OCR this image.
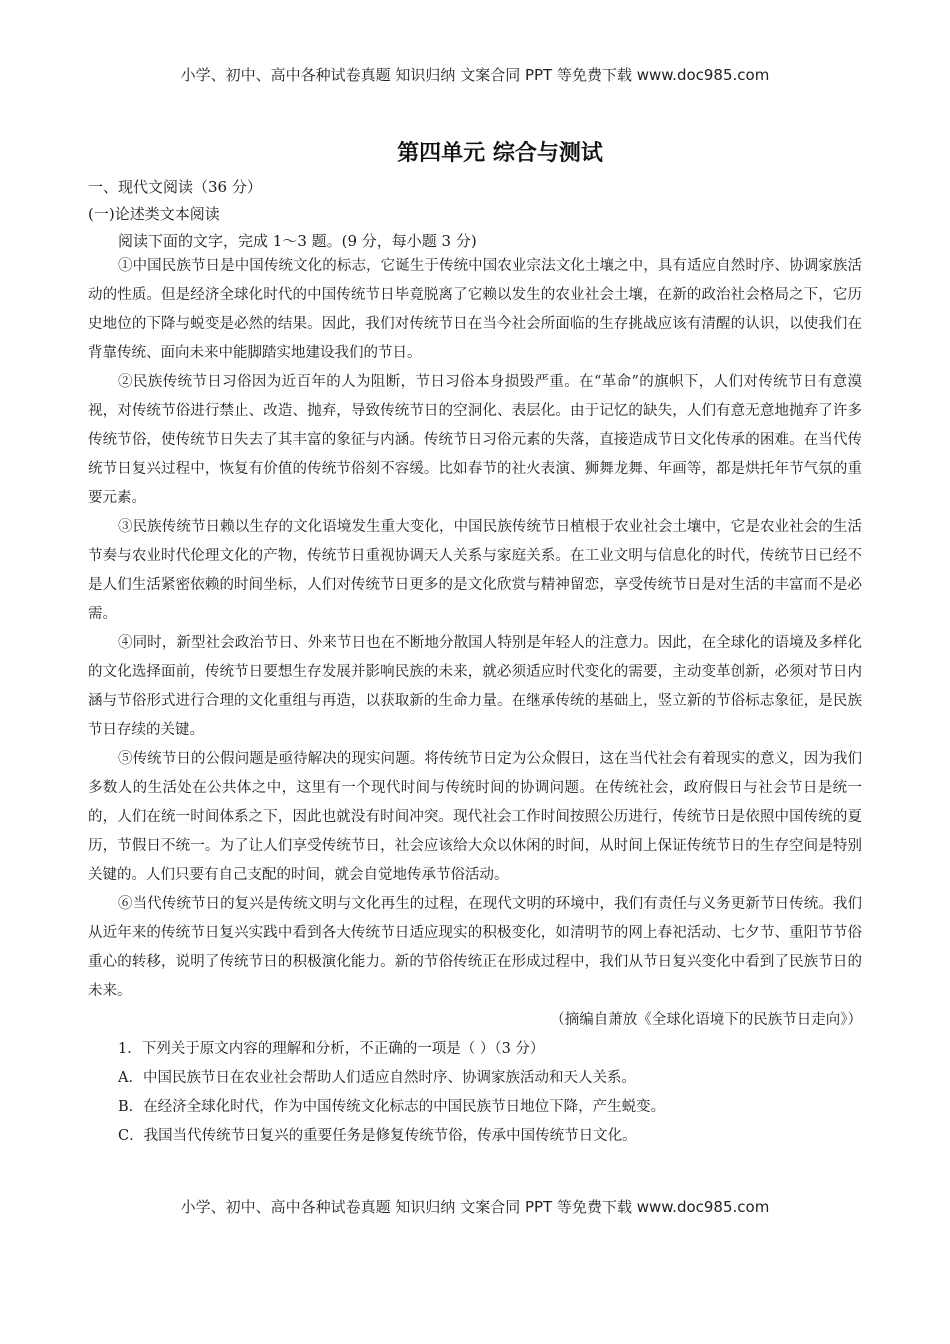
小学、初中、高中各种试卷真题 知识归纳 文案合同 PPT 等免费下载 www.doc985.com
第四单元 综合与测试

一、现代文阅读（36 分）

(一)论述类文本阅读

阅读下面的文字，完成 1～3 题。(9 分，每小题 3 分)

①中国民族节日是中国传统文化的标志，它诞生于传统中国农业宗法文化土壤之中，具有适应自然时序、协调家族活动的性质。但是经济全球化时代的中国传统节日毕竟脱离了它赖以发生的农业社会土壤，在新的政治社会格局之下，它历史地位的下降与蜕变是必然的结果。因此，我们对传统节日在当今社会所面临的生存挑战应该有清醒的认识，以使我们在背靠传统、面向未来中能脚踏实地建设我们的节日。

②民族传统节日习俗因为近百年的人为阻断，节日习俗本身损毁严重。在“革命”的旗帜下，人们对传统节日有意漠视，对传统节俗进行禁止、改造、抛弃，导致传统节日的空洞化、表层化。由于记忆的缺失，人们有意无意地抛弃了许多传统节俗，使传统节日失去了其丰富的象征与内涵。传统节日习俗元素的失落，直接造成节日文化传承的困难。在当代传统节日复兴过程中，恢复有价值的传统节俗刻不容缓。比如春节的社火表演、狮舞龙舞、年画等，都是烘托年节气氛的重要元素。

③民族传统节日赖以生存的文化语境发生重大变化，中国民族传统节日植根于农业社会土壤中，它是农业社会的生活节奏与农业时代伦理文化的产物，传统节日重视协调天人关系与家庭关系。在工业文明与信息化的时代，传统节日已经不是人们生活紧密依赖的时间坐标，人们对传统节日更多的是文化欣赏与精神留恋，享受传统节日是对生活的丰富而不是必需。

④同时，新型社会政治节日、外来节日也在不断地分散国人特别是年轻人的注意力。因此，在全球化的语境及多样化的文化选择面前，传统节日要想生存发展并影响民族的未来，就必须适应时代变化的需要，主动变革创新，必须对节日内涵与节俗形式进行合理的文化重组与再造，以获取新的生命力量。在继承传统的基础上，竖立新的节俗标志象征，是民族节日存续的关键。

⑤传统节日的公假问题是亟待解决的现实问题。将传统节日定为公众假日，这在当代社会有着现实的意义，因为我们多数人的生活处在公共体之中，这里有一个现代时间与传统时间的协调问题。在传统社会，政府假日与社会节日是统一的，人们在统一时间体系之下，因此也就没有时间冲突。现代社会工作时间按照公历进行，传统节日是依照中国传统的夏历，节假日不统一。为了让人们享受传统节日，社会应该给大众以休闲的时间，从时间上保证传统节日的生存空间是特别关键的。人们只要有自己支配的时间，就会自觉地传承节俗活动。

⑥当代传统节日的复兴是传统文明与文化再生的过程，在现代文明的环境中，我们有责任与义务更新节日传统。我们从近年来的传统节日复兴实践中看到各大传统节日适应现实的积极变化，如清明节的网上春祀活动、七夕节、重阳节节俗重心的转移，说明了传统节日的积极演化能力。新的节俗传统正在形成过程中，我们从节日复兴变化中看到了民族节日的未来。

（摘编自萧放《全球化语境下的民族节日走向》）

1．下列关于原文内容的理解和分析，不正确的一项是（ ）（3 分）

A．中国民族节日在农业社会帮助人们适应自然时序、协调家族活动和天人关系。

B．在经济全球化时代，作为中国传统文化标志的中国民族节日地位下降，产生蜕变。

C．我国当代传统节日复兴的重要任务是修复传统节俗，传承中国传统节日文化。

小学、初中、高中各种试卷真题 知识归纳 文案合同 PPT 等免费下载 www.doc985.com
